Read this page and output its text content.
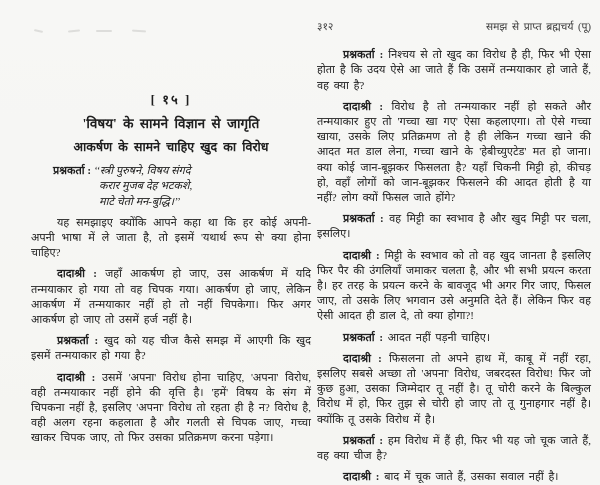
[ १५ ]
'विषय' के सामने विज्ञान से जागृति
आकर्षण के सामने चाहिए खुद का विरोध
प्रश्नकर्ता : ‘‘स्त्री पुरुषने, विषय संगदे
करार मुजब देह भटकशे,
माटे चेतो मन-बुद्धि।’’

यह समझाइए क्योंकि आपने कहा था कि हर कोई अपनी-अपनी भाषा में ले जाता है, तो इसमें 'यथार्थ रूप से' क्या होना चाहिए?

दादाश्री : जहाँ आकर्षण हो जाए, उस आकर्षण में यदि तन्मयाकार हो गया तो वह चिपक गया। आकर्षण हो जाए, लेकिन आकर्षण में तन्मयाकार नहीं हो तो नहीं चिपकेगा। फिर अगर आकर्षण हो जाए तो उसमें हर्ज नहीं है।

प्रश्नकर्ता : खुद को यह चीज कैसे समझ में आएगी कि खुद इसमें तन्मयाकार हो गया है?

दादाश्री : उसमें 'अपना' विरोध होना चाहिए, 'अपना' विरोध, वही तन्मयाकार नहीं होने की वृत्ति है। 'हमें' विषय के संग में चिपकना नहीं है, इसलिए 'अपना' विरोध तो रहता ही है न? विरोध है, वही अलग रहना कहलाता है और गलती से चिपक जाए, गच्चा खाकर चिपक जाए, तो फिर उसका प्रतिक्रमण करना पड़ेगा।

३१२	समझ से प्राप्त ब्रह्मचर्य (पू)

प्रश्नकर्ता : निश्चय से तो खुद का विरोध है ही, फिर भी ऐसा होता है कि उदय ऐसे आ जाते हैं कि उसमें तन्मयाकार हो जाते हैं, वह क्या है?

दादाश्री : विरोध है तो तन्मयाकार नहीं हो सकते और तन्मयाकार हुए तो 'गच्चा खा गए' ऐसा कहलाएगा। तो ऐसे गच्चा खाया, उसके लिए प्रतिक्रमण तो है ही लेकिन गच्चा खाने की आदत मत डाल लेना, गच्चा खाने के 'हेबीच्युएटेड' मत हो जाना। क्या कोई जान-बूझकर फिसलता है? यहाँ चिकनी मिट्टी हो, कीचड़ हो, वहाँ लोगों को जान-बूझकर फिसलने की आदत होती है या नहीं? लोग क्यों फिसल जाते होंगे?

प्रश्नकर्ता : वह मिट्टी का स्वभाव है और खुद मिट्टी पर चला, इसलिए।

दादाश्री : मिट्टी के स्वभाव को तो वह खुद जानता है इसलिए फिर पैर की उंगलियाँ जमाकर चलता है, और भी सभी प्रयत्न करता है। हर तरह के प्रयत्न करने के बावजूद भी अगर गिर जाए, फिसल जाए, तो उसके लिए भगवान उसे अनुमति देते हैं। लेकिन फिर वह ऐसी आदत ही डाल दे, तो क्या होगा?!

प्रश्नकर्ता : आदत नहीं पड़नी चाहिए।

दादाश्री : फिसलना तो अपने हाथ में, काबू में नहीं रहा, इसलिए सबसे अच्छा तो 'अपना' विरोध, जबरदस्त विरोध! फिर जो कुछ हुआ, उसका जिम्मेदार तू नहीं है। तू चोरी करने के बिल्कुल विरोध में हो, फिर तुझ से चोरी हो जाए तो तू गुनाहगार नहीं है। क्योंकि तू उसके विरोध में है।

प्रश्नकर्ता : हम विरोध में हैं ही, फिर भी यह जो चूक जाते हैं, वह क्या चीज है?

दादाश्री : बाद में चूक जाते हैं, उसका सवाल नहीं है।
